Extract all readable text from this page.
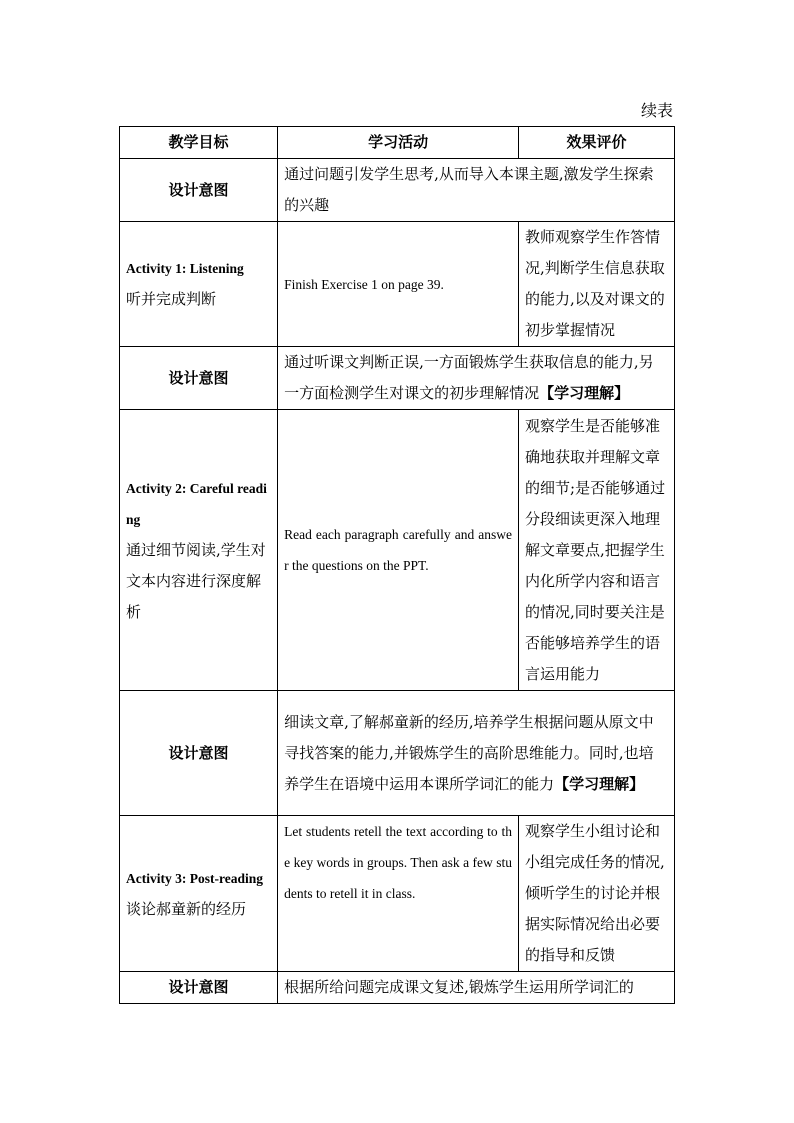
续表
教学目标	学习活动	效果评价
设计意图	通过问题引发学生思考,从而导入本课主题,激发学生探索的兴趣	

Activity 1: Listening
听并完成判断	Finish Exercise 1 on page 39.	教师观察学生作答情况,判断学生信息获取的能力,以及对课文的初步掌握情况
设计意图	通过听课文判断正误,一方面锻炼学生获取信息的能力,另一方面检测学生对课文的初步理解情况【学习理解】	

Activity 2: Careful reading
通过细节阅读,学生对文本内容进行深度解析	Read each paragraph carefully and answer the questions on the PPT.	观察学生是否能够准确地获取并理解文章的细节;是否能够通过分段细读更深入地理解文章要点,把握学生内化所学内容和语言的情况,同时要关注是否能够培养学生的语言运用能力
设计意图	细读文章,了解郝童新的经历,培养学生根据问题从原文中寻找答案的能力,并锻炼学生的高阶思维能力。同时,也培养学生在语境中运用本课所学词汇的能力【学习理解】	

Activity 3: Post-reading
谈论郝童新的经历	Let students retell the text according to the key words in groups. Then ask a few students to retell it in class.	观察学生小组讨论和小组完成任务的情况,倾听学生的讨论并根据实际情况给出必要的指导和反馈
设计意图	根据所给问题完成课文复述,锻炼学生运用所学词汇的	
